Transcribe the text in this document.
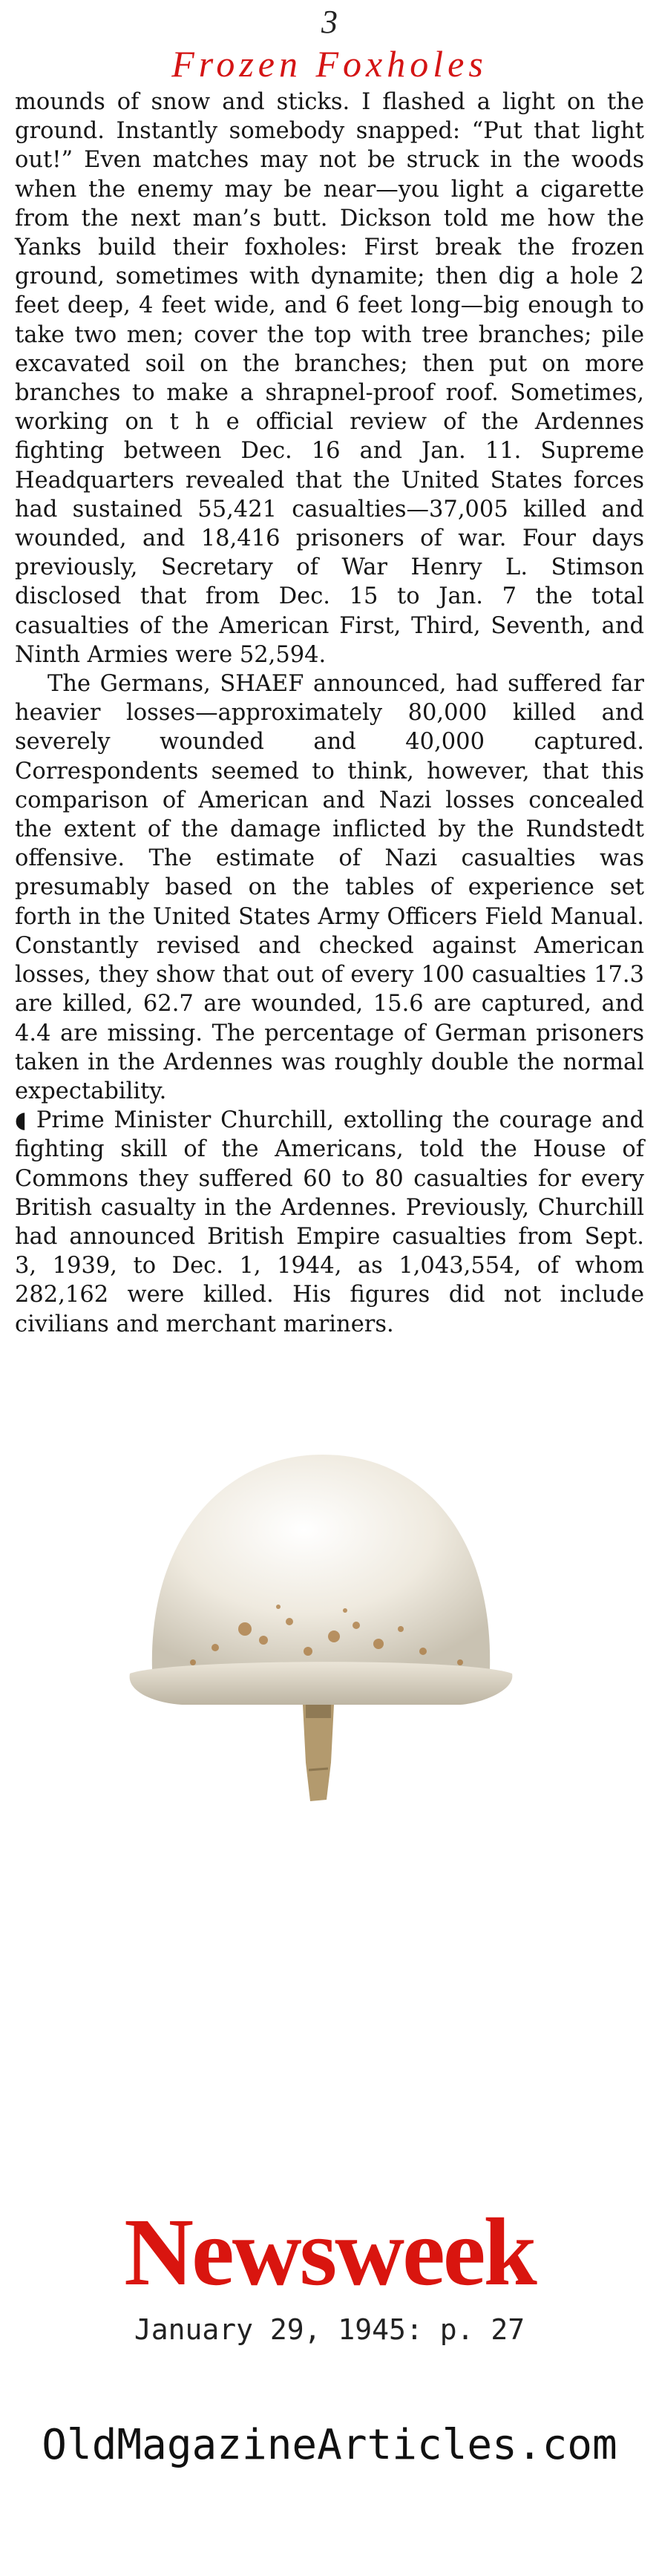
3
Frozen Foxholes

mounds of snow and sticks. I flashed a light on the ground. Instantly somebody snapped: “Put that light out!” Even matches may not be struck in the woods when the enemy may be near—you light a cigarette from the next man’s butt. Dickson told me how the Yanks build their foxholes: First break the frozen ground, sometimes with dynamite; then dig a hole 2 feet deep, 4 feet wide, and 6 feet long—big enough to take two men; cover the top with tree branches; pile excavated soil on the branches; then put on more branches to make a shrapnel-proof roof. Sometimes, working on t h e official review of the Ardennes fighting between Dec. 16 and Jan. 11. Supreme Headquarters revealed that the United States forces had sustained 55,421 casualties—37,005 killed and wounded, and 18,416 prisoners of war. Four days previously, Secretary of War Henry L. Stimson disclosed that from Dec. 15 to Jan. 7 the total casualties of the American First, Third, Seventh, and Ninth Armies were 52,594.

The Germans, SHAEF announced, had suffered far heavier losses—approximately 80,000 killed and severely wounded and 40,000 captured. Correspondents seemed to think, however, that this comparison of American and Nazi losses concealed the extent of the damage inflicted by the Rundstedt offensive. The estimate of Nazi casualties was presumably based on the tables of experience set forth in the United States Army Officers Field Manual. Constantly revised and checked against American losses, they show that out of every 100 casualties 17.3 are killed, 62.7 are wounded, 15.6 are captured, and 4.4 are missing. The percentage of German prisoners taken in the Ardennes was roughly double the normal expectability.

◖ Prime Minister Churchill, extolling the courage and fighting skill of the Americans, told the House of Commons they suffered 60 to 80 casualties for every British casualty in the Ardennes. Previously, Churchill had announced British Empire casualties from Sept. 3, 1939, to Dec. 1, 1944, as 1,043,554, of whom 282,162 were killed. His figures did not include civilians and merchant mariners.

Newsweek
January 29, 1945: p. 27
OldMagazineArticles.com
